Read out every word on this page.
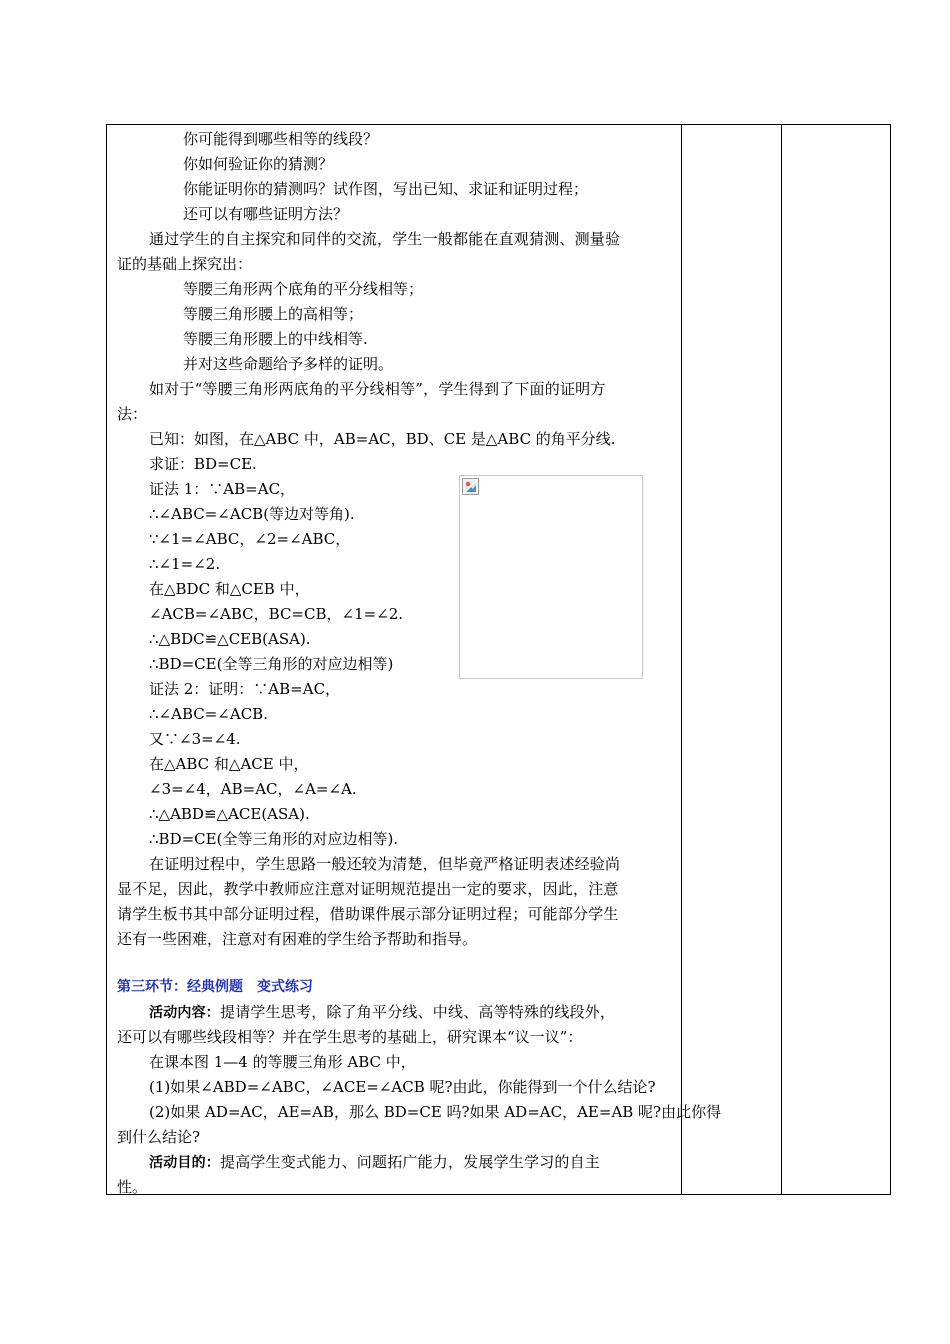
你可能得到哪些相等的线段？
你如何验证你的猜测？
你能证明你的猜测吗？试作图，写出已知、求证和证明过程；
还可以有哪些证明方法？
通过学生的自主探究和同伴的交流，学生一般都能在直观猜测、测量验
证的基础上探究出：
等腰三角形两个底角的平分线相等；
等腰三角形腰上的高相等；
等腰三角形腰上的中线相等.
并对这些命题给予多样的证明。
如对于“等腰三角形两底角的平分线相等”，学生得到了下面的证明方
法：
已知：如图，在△ABC 中，AB=AC，BD、CE 是△ABC 的角平分线.
求证：BD=CE.
证法 1：∵AB=AC，
∴∠ABC=∠ACB(等边对等角).
∵∠1=∠ABC，∠2=∠ABC，
∴∠1=∠2.
在△BDC 和△CEB 中，
∠ACB=∠ABC，BC=CB，∠1=∠2.
∴△BDC≌△CEB(ASA).
∴BD=CE(全等三角形的对应边相等)
证法 2：证明：∵AB=AC，
∴∠ABC=∠ACB.
又∵∠3=∠4.
在△ABC 和△ACE 中，
∠3=∠4，AB=AC，∠A=∠A.
∴△ABD≌△ACE(ASA).
∴BD=CE(全等三角形的对应边相等).
在证明过程中，学生思路一般还较为清楚，但毕竟严格证明表述经验尚
显不足，因此，教学中教师应注意对证明规范提出一定的要求，因此，注意
请学生板书其中部分证明过程，借助课件展示部分证明过程；可能部分学生
还有一些困难，注意对有困难的学生给予帮助和指导。
第三环节：经典例题　变式练习
活动内容：提请学生思考，除了角平分线、中线、高等特殊的线段外，
还可以有哪些线段相等？并在学生思考的基础上，研究课本“议一议”：
在课本图 1—4 的等腰三角形 ABC 中，
(1)如果∠ABD=∠ABC，∠ACE=∠ACB 呢?由此，你能得到一个什么结论?
(2)如果 AD=AC，AE=AB，那么 BD=CE 吗?如果 AD=AC，AE=AB 呢?由此你得
到什么结论?
活动目的：提高学生变式能力、问题拓广能力，发展学生学习的自主
性。
